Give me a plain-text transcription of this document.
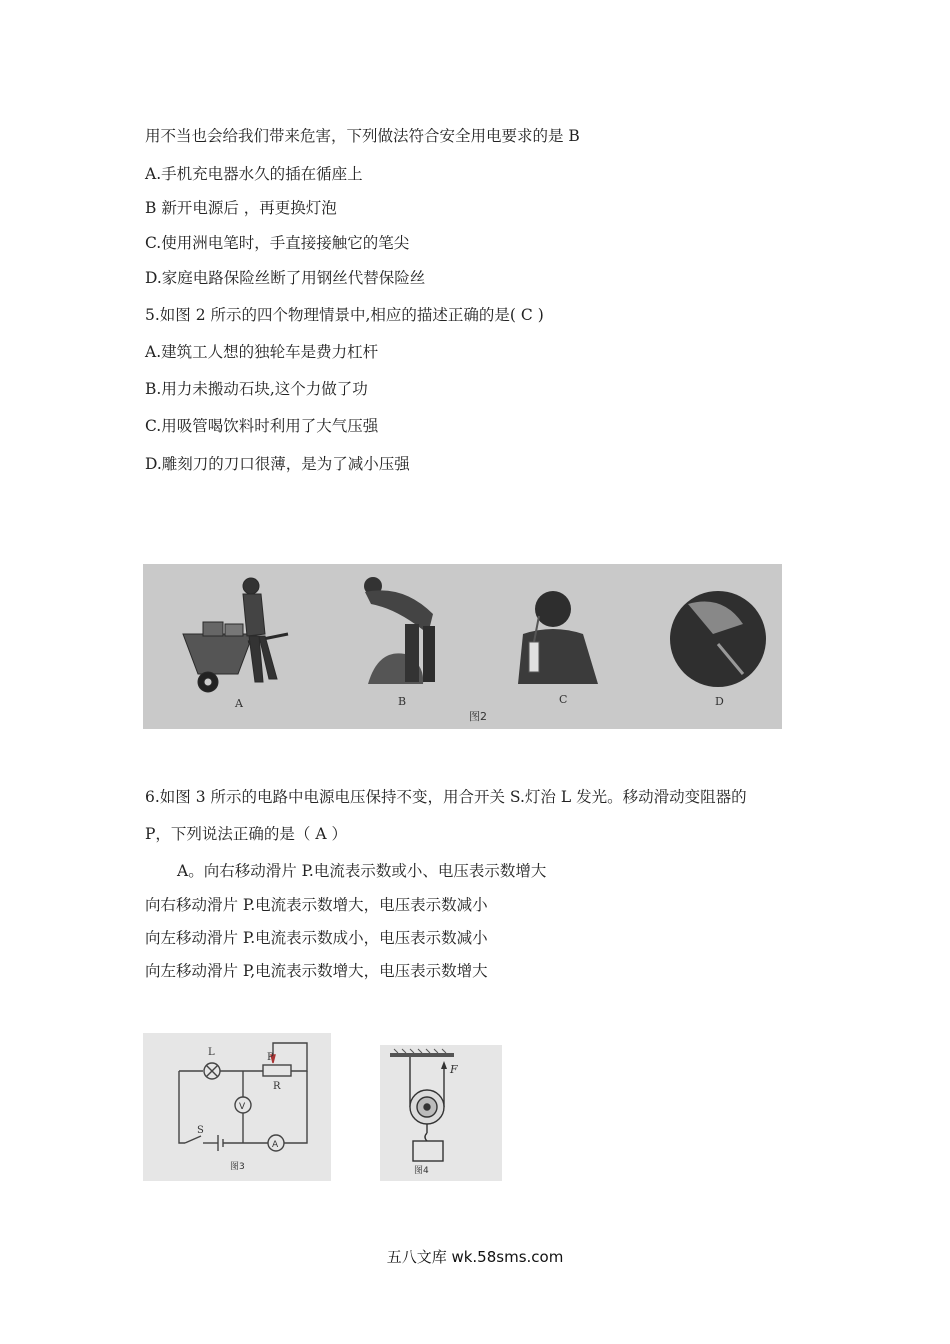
用不当也会给我们带来危害，下列做法符合安全用电要求的是 B
A.手机充电器水久的插在循座上
B 新开电源后 ，再更换灯泡
C.使用洲电笔时，手直接接触它的笔尖
D.家庭电路保险丝断了用钢丝代替保险丝
5.如图 2 所示的四个物理情景中,相应的描述正确的是( C )
A.建筑工人想的独轮车是费力杠杆
B.用力未搬动石块,这个力做了功
C.用吸管喝饮料时利用了大气压强
D.雕刻刀的刀口很薄，是为了减小压强
A	B	C	D
图2
6.如图 3 所示的电路中电源电压保持不变，用合开关 S.灯治 L 发光。移动滑动变阻器的
P，下列说法正确的是（ A ）
A。向右移动滑片 P.电流表示数或小、电压表示数增大
向右移动滑片 P.电流表示数增大，电压表示数减小
向左移动滑片 P.电流表示数成小，电压表示数减小
向左移动滑片 P,电流表示数增大，电压表示数增大
L	P
R
V
A
S
图3
F
图4
五八文库 wk.58sms.com
